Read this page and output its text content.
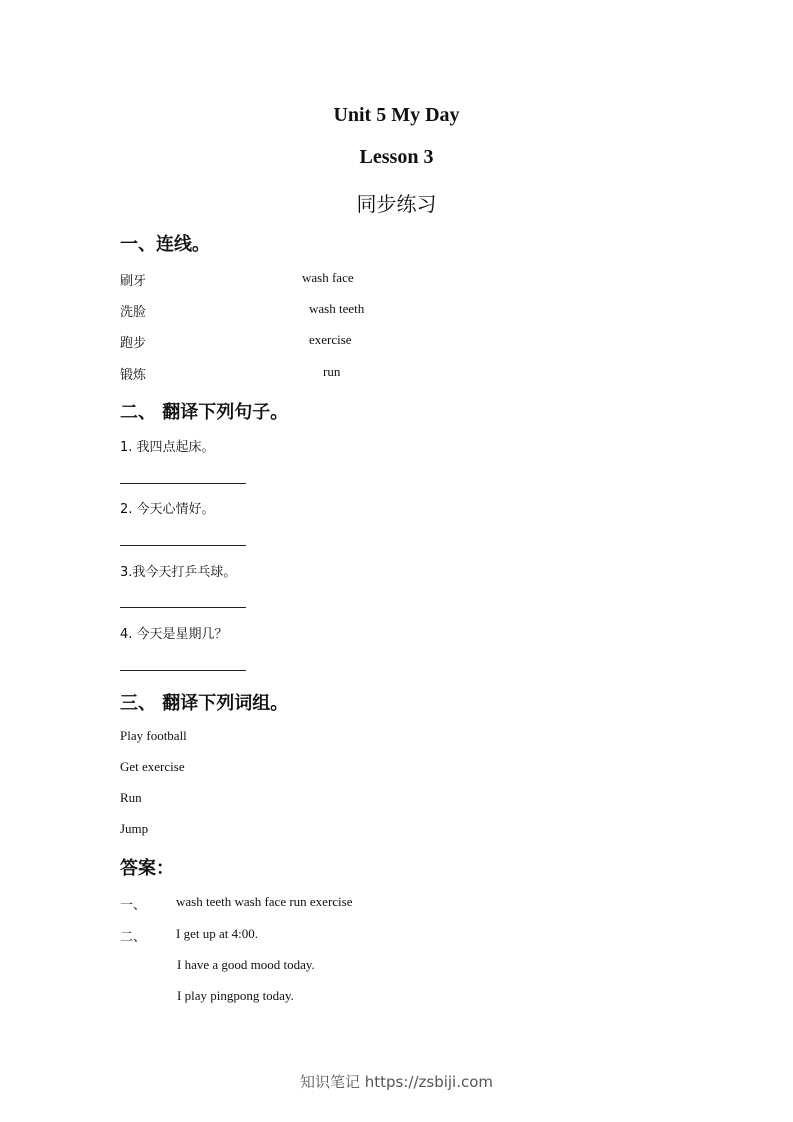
Unit 5 My Day
Lesson 3
同步练习
一、连线。
刷牙
洗脸
跑步
锻炼
wash face
wash teeth
exercise
run
二、 翻译下列句子。
1. 我四点起床。
2. 今天心情好。
3.我今天打乒乓球。
4. 今天是星期几？
三、 翻译下列词组。
Play football
Get exercise
Run
Jump
答案：
一、 wash teeth wash face run exercise
二、 I get up at 4:00.
I have a good mood today.
I play pingpong today.
知识笔记 https://zsbiji.com
